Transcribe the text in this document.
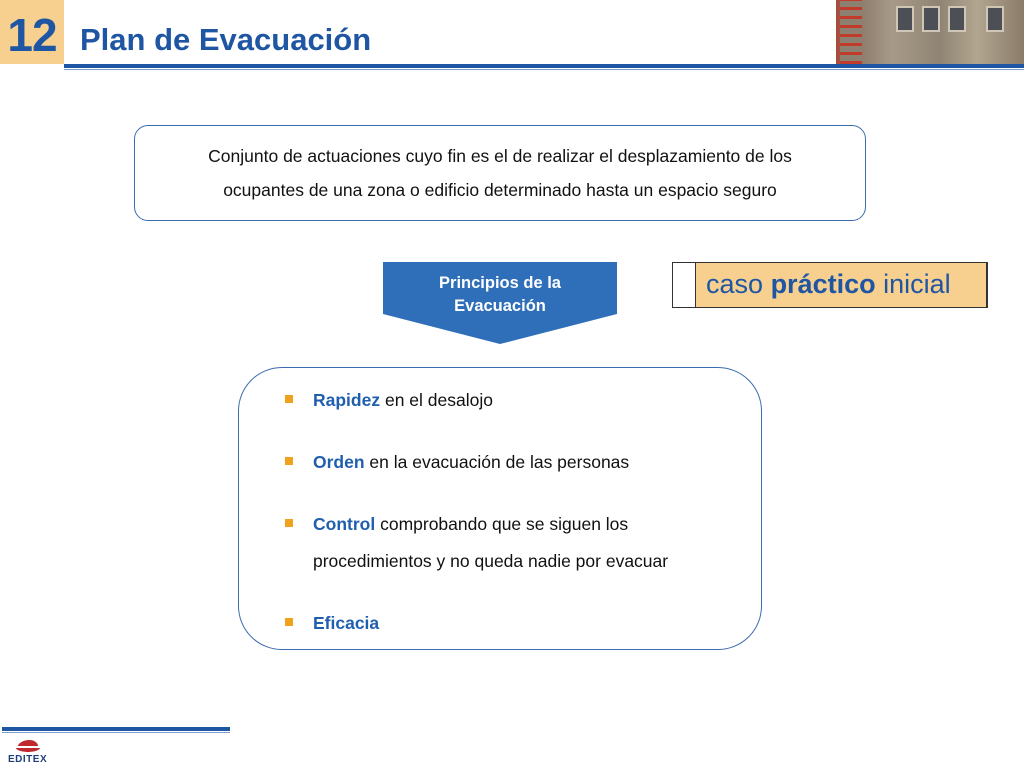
12 Plan de Evacuación
Conjunto de actuaciones cuyo fin es el de realizar el desplazamiento de los
ocupantes de una zona o edificio determinado hasta un espacio seguro
Principios de la
Evacuación
caso práctico inicial
Rapidez en el desalojo
Orden en la evacuación de las personas
Control comprobando que se siguen los
procedimientos y no queda nadie por evacuar
Eficacia
EDITEX
